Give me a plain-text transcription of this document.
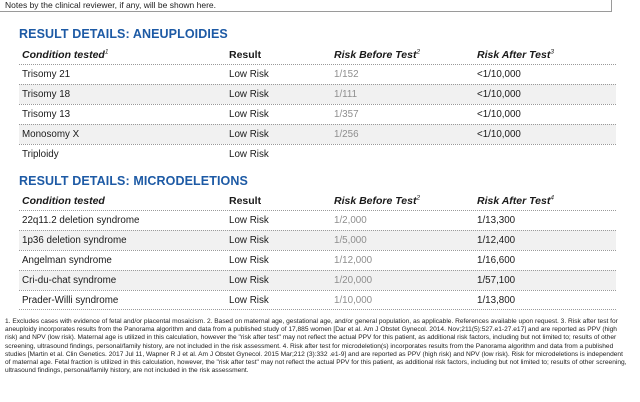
Notes by the clinical reviewer, if any, will be shown here.
RESULT DETAILS: ANEUPLOIDIES
Condition tested$^1$	Result	Risk Before Test$^2$	Risk After Test$^3$
Trisomy 21	Low Risk	1/152	<1/10,000
Trisomy 18	Low Risk	1/111	<1/10,000
Trisomy 13	Low Risk	1/357	<1/10,000
Monosomy X	Low Risk	1/256	<1/10,000
Triploidy	Low Risk
RESULT DETAILS: MICRODELETIONS
Condition tested	Result	Risk Before Test$^2$	Risk After Test$^4$
22q11.2 deletion syndrome	Low Risk	1/2,000	1/13,300
1p36 deletion syndrome	Low Risk	1/5,000	1/12,400
Angelman syndrome	Low Risk	1/12,000	1/16,600
Cri-du-chat syndrome	Low Risk	1/20,000	1/57,100
Prader-Willi syndrome	Low Risk	1/10,000	1/13,800
1. Excludes cases with evidence of fetal and/or placental mosaicism. 2. Based on maternal age, gestational age, and/or general population, as applicable. References available upon request. 3. Risk after test for aneuploidy incorporates results from the Panorama algorithm and data from a published study of 17,885 women [Dar et al. Am J Obstet Gynecol. 2014. Nov;211(5):527.e1-27.e17] and are reported as PPV (high risk) and NPV (low risk). Maternal age is utilized in this calculation, however the "risk after test" may not reflect the actual PPV for this patient, as additional risk factors, including but not limited to; results of other screening, ultrasound findings, personal/family history, are not included in the risk assessment. 4. Risk after test for microdeletion(s) incorporates results from the Panorama algorithm and data from a published studies [Martin et al. Clin Genetics. 2017 Jul 11, Wapner R J et al. Am J Obstet Gynecol. 2015 Mar;212 (3):332 .e1-9] and are reported as PPV (high risk) and NPV (low risk). Risk for microdeletions is independent of maternal age. Fetal fraction is utilized in this calculation, however, the "risk after test" may not reflect the actual PPV for this patient, as additional risk factors, including but not limited to; results of other screening, ultrasound findings, personal/family history, are not included in the risk assessment.
